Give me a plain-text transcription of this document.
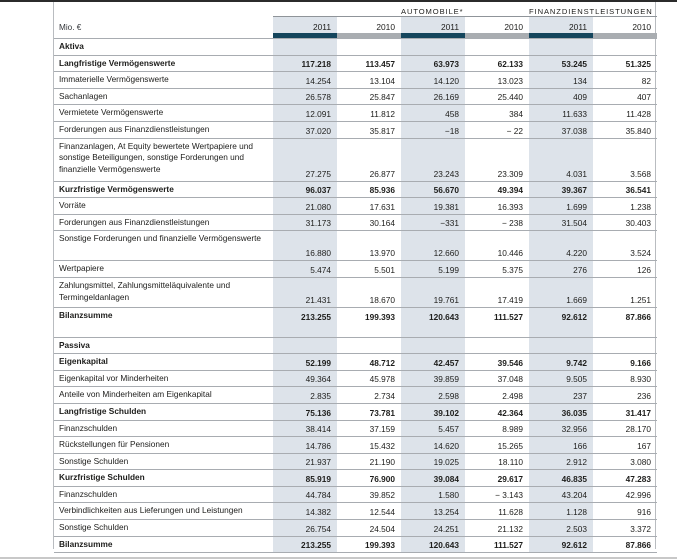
			AUTOMOBILE*		FINANZDIENSTLEISTUNGEN	
Mio. €	2011	2010	2011	2010	2011	2010

Aktiva						
Langfristige Vermögenswerte	117.218	113.457	63.973	62.133	53.245	51.325
Immaterielle Vermögenswerte	14.254	13.104	14.120	13.023	134	82
Sachanlagen	26.578	25.847	26.169	25.440	409	407
Vermietete Vermögenswerte	12.091	11.812	458	384	11.633	11.428
Forderungen aus Finanzdienstleistungen	37.020	35.817	−18	− 22	37.038	35.840
Finanzanlagen, At Equity bewertete Wertpapiere und sonstige Beteiligungen, sonstige Forderungen und finanzielle Vermögenswerte	27.275	26.877	23.243	23.309	4.031	3.568
Kurzfristige Vermögenswerte	96.037	85.936	56.670	49.394	39.367	36.541
Vorräte	21.080	17.631	19.381	16.393	1.699	1.238
Forderungen aus Finanzdienstleistungen	31.173	30.164	−331	− 238	31.504	30.403
Sonstige Forderungen und finanzielle Vermögenswerte	16.880	13.970	12.660	10.446	4.220	3.524
Wertpapiere	5.474	5.501	5.199	5.375	276	126
Zahlungsmittel, Zahlungsmitteläquivalente und Termingeldanlagen	21.431	18.670	19.761	17.419	1.669	1.251
Bilanzsumme	213.255	199.393	120.643	111.527	92.612	87.866

Passiva						
Eigenkapital	52.199	48.712	42.457	39.546	9.742	9.166
Eigenkapital vor Minderheiten	49.364	45.978	39.859	37.048	9.505	8.930
Anteile von Minderheiten am Eigenkapital	2.835	2.734	2.598	2.498	237	236
Langfristige Schulden	75.136	73.781	39.102	42.364	36.035	31.417
Finanzschulden	38.414	37.159	5.457	8.989	32.956	28.170
Rückstellungen für Pensionen	14.786	15.432	14.620	15.265	166	167
Sonstige Schulden	21.937	21.190	19.025	18.110	2.912	3.080
Kurzfristige Schulden	85.919	76.900	39.084	29.617	46.835	47.283
Finanzschulden	44.784	39.852	1.580	− 3.143	43.204	42.996
Verbindlichkeiten aus Lieferungen und Leistungen	14.382	12.544	13.254	11.628	1.128	916
Sonstige Schulden	26.754	24.504	24.251	21.132	2.503	3.372
Bilanzsumme	213.255	199.393	120.643	111.527	92.612	87.866
